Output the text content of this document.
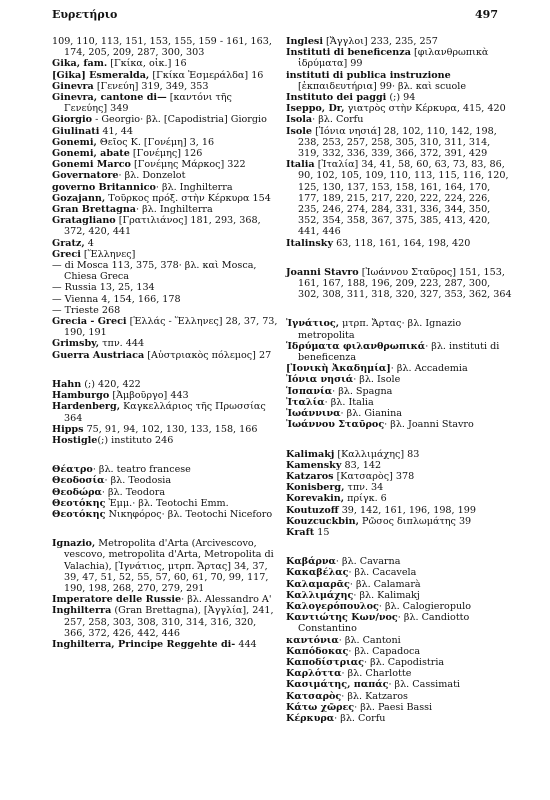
Ευρετήριο	497

109, 110, 113, 151, 153, 155, 159 - 161, 163, 174, 205, 209, 287, 300, 303

Gika, fam. [Γκίκα, οἰκ.] 16

[Gika] Esmeralda, [Γκίκα Ἐσμεράλδα] 16

Ginevra [Γενεύη] 319, 349, 353

Ginevra, cantone di— [καντόνι τῆς Γενεύης] 349

Giorgio - Georgio· βλ. [Capodistria] Giorgio

Giulinati 41, 44

Gonemi, Θεῖος Κ. [Γονέμη] 3, 16

Gonemi, abate [Γονέμης] 126

Gonemi Marco [Γονέμης Μάρκος] 322

Governatore· βλ. Donzelot

governo Britannico· βλ. Inghilterra

Gozajann, Τοῦρκος πρόξ. στὴν Κέρκυρα 154

Gran Brettagna· βλ. Inghilterra

Gratagliano [Γρατιλιάνος] 181, 293, 368, 372, 420, 441

Gratz, 4

Greci [Ἕλληνες]

— di Mosca 113, 375, 378· βλ. καὶ Mosca, Chiesa Greca

— Russia 13, 25, 134

— Vienna 4, 154, 166, 178

— Trieste 268

Grecia - Greci [Ἑλλάς - Ἕλληνες] 28, 37, 73, 190, 191

Grimsby, τπν. 444

Guerra Austriaca [Αὐστριακὸς πόλεμος] 27

Hahn (;) 420, 422

Hamburgo [Ἀμβοῦργο] 443

Hardenberg, Καγκελλάριος τῆς Πρωσσίας 364

Hipps 75, 91, 94, 102, 130, 133, 158, 166

Hostigle(;) instituto 246

Θέατρο· βλ. teatro francese

Θεοδοσία· βλ. Teodosia

Θεοδώρα· βλ. Teodora

Θεοτόκης Ἐμμ.· βλ. Teotochi Emm.

Θεοτόκης Νικηφόρος· βλ. Teotochi Niceforo

Ignazio, Metropolita d'Arta (Arcivescovo, vescovo, metropolita d'Arta, Metropolita di Valachia), [Ἰγνάτιος, μτρπ. Ἄρτας] 34, 37, 39, 47, 51, 52, 55, 57, 60, 61, 70, 99, 117, 190, 198, 268, 270, 279, 291

Imperatore delle Russie· βλ. Alessandro A'

Inghilterra (Gran Brettagna), [Ἀγγλία], 241, 257, 258, 303, 308, 310, 314, 316, 320, 366, 372, 426, 442, 446

Inghilterra, Principe Reggehte di- 444

Inglesi [Ἄγγλοι] 233, 235, 257

Instituti di beneficenza [φιλανθρωπικὰ ἱδρύματα] 99

instituti di publica instruzione [ἐκπαιδευτήρια] 99· βλ. καὶ scuole

Instituto dei paggi (;) 94

Iseppo, Dr, γιατρὸς στὴν Κέρκυρα, 415, 420

Isola· βλ. Corfu

Isole [Ἰόνια νησιά] 28, 102, 110, 142, 198, 238, 253, 257, 258, 305, 310, 311, 314, 319, 332, 336, 339, 366, 372, 391, 429

Italia [Ἰταλία] 34, 41, 58, 60, 63, 73, 83, 86, 90, 102, 105, 109, 110, 113, 115, 116, 120, 125, 130, 137, 153, 158, 161, 164, 170, 177, 189, 215, 217, 220, 222, 224, 226, 235, 246, 274, 284, 331, 336, 344, 350, 352, 354, 358, 367, 375, 385, 413, 420, 441, 446

Italinsky 63, 118, 161, 164, 198, 420

Joanni Stavro [Ἰωάννου Σταῦρος] 151, 153, 161, 167, 188, 196, 209, 223, 287, 300, 302, 308, 311, 318, 320, 327, 353, 362, 364

Ἰγνάτιος, μτρπ. Ἄρτας· βλ. Ignazio metropolita

Ἱδρύματα φιλανθρωπικά· βλ. instituti di beneficenza

[Ἰονικὴ Ἀκαδημία]· βλ. Accademia

Ἰόνια νησιά· βλ. Isole

Ἱσπανία· βλ. Spagna

Ἰταλία· βλ. Italia

Ἰωάννινα· βλ. Gianina

Ἰωάννου Σταῦρος· βλ. Joanni Stavro

Kalimakj [Καλλιμάχης] 83

Kamensky 83, 142

Katzaros [Κατσαρὸς] 378

Konisberg, τπν. 34

Korevakin, πρίγκ. 6

Koutuzoff 39, 142, 161, 196, 198, 199

Kouzcuckbin, Ρῶσος διπλωμάτης 39

Kraft 15

Καβάρνα· βλ. Cavarna

Κακαβέλας· βλ. Cacavela

Καλαμαρᾶς· βλ. Calamarà

Καλλιμάχης· βλ. Kalimakj

Καλογερόπουλος· βλ. Calogieropulo

Καντιώτης Κων/νος· βλ. Candiotto Constantino

καντόνια· βλ. Cantoni

Καπόδοκας· βλ. Capadoca

Καποδίστριας· βλ. Capodistria

Καρλόττα· βλ. Charlotte

Κασιμάτης, παπάς· βλ. Cassimati

Κατσαρὸς· βλ. Katzaros

Κάτω χῶρες· βλ. Paesi Bassi

Κέρκυρα· βλ. Corfu
